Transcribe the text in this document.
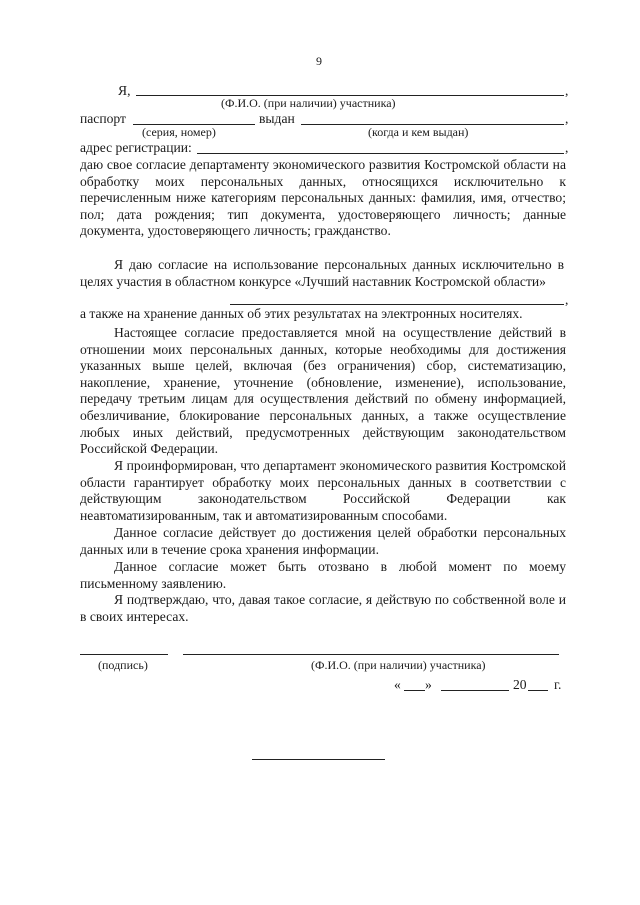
9
Я,	,
(Ф.И.О. (при наличии) участника)
паспорт	выдан	,
(серия, номер)	(когда и кем выдан)
адрес регистрации:	,
даю свое согласие департаменту экономического развития Костромской области на обработку моих персональных данных, относящихся исключительно к перечисленным ниже категориям персональных данных: фамилия, имя, отчество; пол; дата рождения; тип документа, удостоверяющего личность; данные документа, удостоверяющего личность; гражданство.
Я даю согласие на использование персональных данных исключительно в целях участия в областном конкурсе «Лучший наставник Костромской области»
,
а также на хранение данных об этих результатах на электронных носителях.
Настоящее согласие предоставляется мной на осуществление действий в отношении моих персональных данных, которые необходимы для достижения указанных выше целей, включая (без ограничения) сбор, систематизацию, накопление, хранение, уточнение (обновление, изменение), использование, передачу третьим лицам для осуществления действий по обмену информацией, обезличивание, блокирование персональных данных, а также осуществление любых иных действий, предусмотренных действующим законодательством Российской Федерации.
Я проинформирован, что департамент экономического развития Костромской области гарантирует обработку моих персональных данных в соответствии с действующим законодательством Российской Федерации как неавтоматизированным, так и автоматизированным способами.
Данное согласие действует до достижения целей обработки персональных данных или в течение срока хранения информации.
Данное согласие может быть отозвано в любой момент по моему письменному заявлению.
Я подтверждаю, что, давая такое согласие, я действую по собственной воле и в своих интересах.
(подпись)	(Ф.И.О. (при наличии) участника)
« »	20 г.
